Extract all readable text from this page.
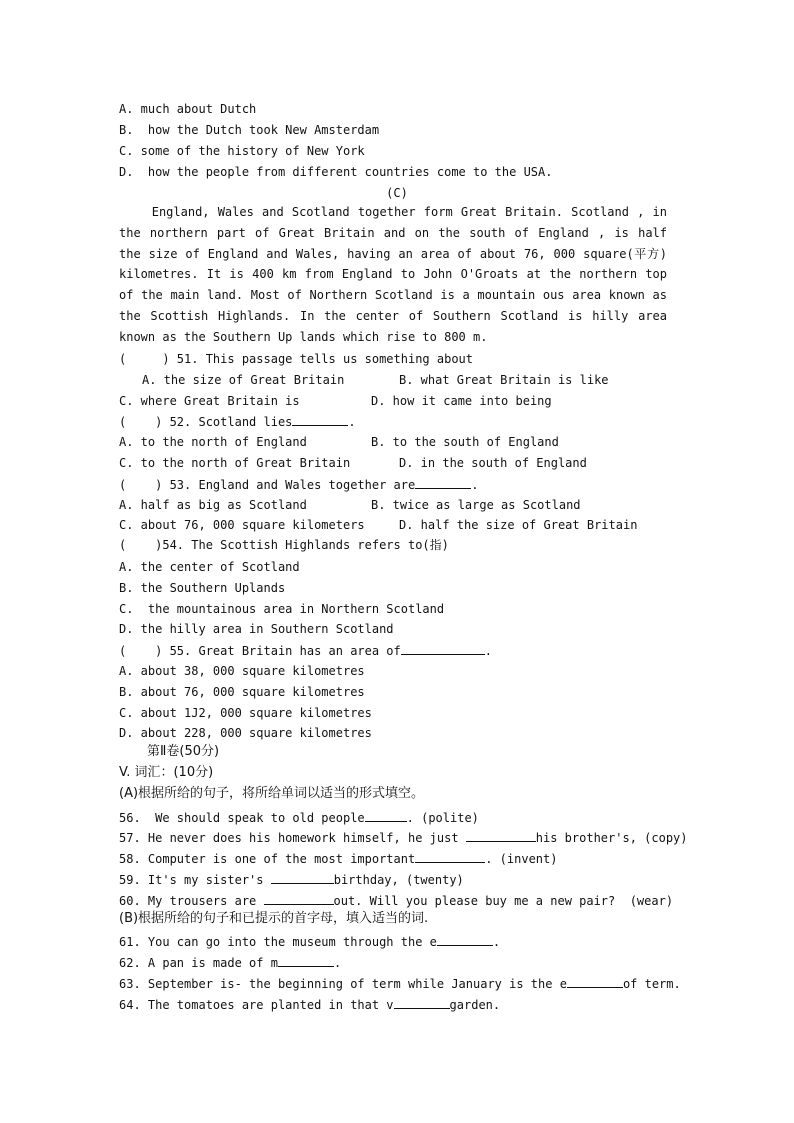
A. much about Dutch
B.  how the Dutch took New Amsterdam
C. some of the history of New York
D.  how the people from different countries come to the USA.
(C)

England, Wales and Scotland together form Great Britain. Scotland , in the northern part of Great Britain and on the south of England , is half the size of England and Wales, having an area of about 76, 000 square(平方) kilometres. It is 400 km from England to John O'Groats at the northern top of the main land. Most of Northern Scotland is a mountain ous area known as the Scottish Highlands. In the center of Southern Scotland is hilly area known as the Southern Up lands which rise to 800 m.

(     ) 51. This passage tells us something about
A. the size of Great Britain	B. what Great Britain is like
C. where Great Britain is	D. how it came into being
(    ) 52. Scotland lies	.
A. to the north of England	B. to the south of England
C. to the north of Great Britain	D. in the south of England
(    ) 53. England and Wales together are	.
A. half as big as Scotland	B. twice as large as Scotland
C. about 76, 000 square kilometers	D. half the size of Great Britain
(    )54. The Scottish Highlands refers to(指)
A. the center of Scotland
B. the Southern Uplands
C.  the mountainous area in Northern Scotland
D. the hilly area in Southern Scotland
(    ) 55. Great Britain has an area of	.
A. about 38, 000 square kilometres
B. about 76, 000 square kilometres
C. about 1J2, 000 square kilometres
D. about 228, 000 square kilometres
第Ⅱ卷(50分)
V. 词汇：(10分)
(A)根据所给的句子，将所给单词以适当的形式填空。
56.  We should speak to old people	. (polite)
57. He never does his homework himself, he just	his brother's, (copy)
58. Computer is one of the most important	. (invent)
59. It's my sister's	birthday, (twenty)
60. My trousers are	out. Will you please buy me a new pair?  (wear)
(B)根据所给的句子和已提示的首字母，填入适当的词.
61. You can go into the museum through the e	.
62. A pan is made of m	.
63. September is- the beginning of term while January is the e	of term.
64. The tomatoes are planted in that v	garden.
